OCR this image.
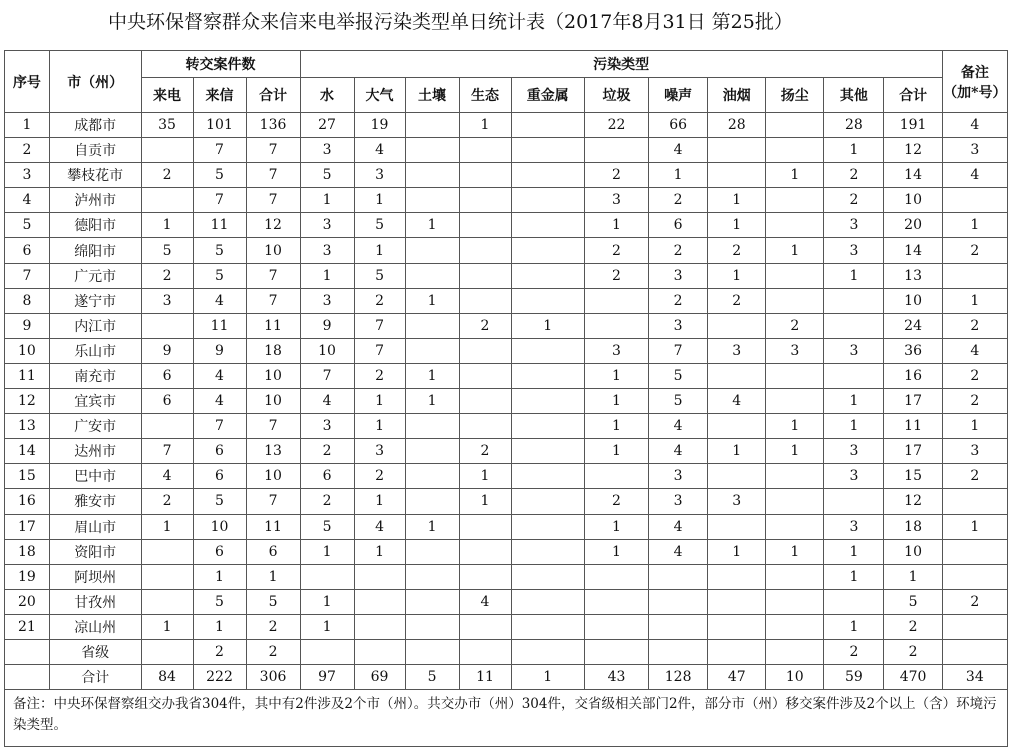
中央环保督察群众来信来电举报污染类型单日统计表（2017年8月31日 第25批）
序号	市（州）	转交案件数			污染类型											备注
（加*号）
		来电	来信	合计	水	大气	土壤	生态	重金属	垃圾	噪声	油烟	扬尘	其他	合计	
1	成都市	35	101	136	27	19		1		22	66	28		28	191	4
2	自贡市		7	7	3	4					4			1	12	3
3	攀枝花市	2	5	7	5	3				2	1		1	2	14	4
4	泸州市		7	7	1	1				3	2	1		2	10	
5	德阳市	1	11	12	3	5	1			1	6	1		3	20	1
6	绵阳市	5	5	10	3	1				2	2	2	1	3	14	2
7	广元市	2	5	7	1	5				2	3	1		1	13	
8	遂宁市	3	4	7	3	2	1				2	2			10	1
9	内江市		11	11	9	7		2	1		3		2		24	2
10	乐山市	9	9	18	10	7				3	7	3	3	3	36	4
11	南充市	6	4	10	7	2	1			1	5				16	2
12	宜宾市	6	4	10	4	1	1			1	5	4		1	17	2
13	广安市		7	7	3	1				1	4		1	1	11	1
14	达州市	7	6	13	2	3		2		1	4	1	1	3	17	3
15	巴中市	4	6	10	6	2		1			3			3	15	2
16	雅安市	2	5	7	2	1		1		2	3	3			12	
17	眉山市	1	10	11	5	4	1			1	4			3	18	1
18	资阳市		6	6	1	1				1	4	1	1	1	10	
19	阿坝州		1	1										1	1	
20	甘孜州		5	5	1			4							5	2
21	凉山州	1	1	2	1									1	2	
	省级		2	2										2	2	
	合计	84	222	306	97	69	5	11	1	43	128	47	10	59	470	34
备注：中央环保督察组交办我省304件，其中有2件涉及2个市（州）。共交办市（州）304件，交省级相关部门2件，部分市（州）移交案件涉及2个以上（含）环境污染类型。																
